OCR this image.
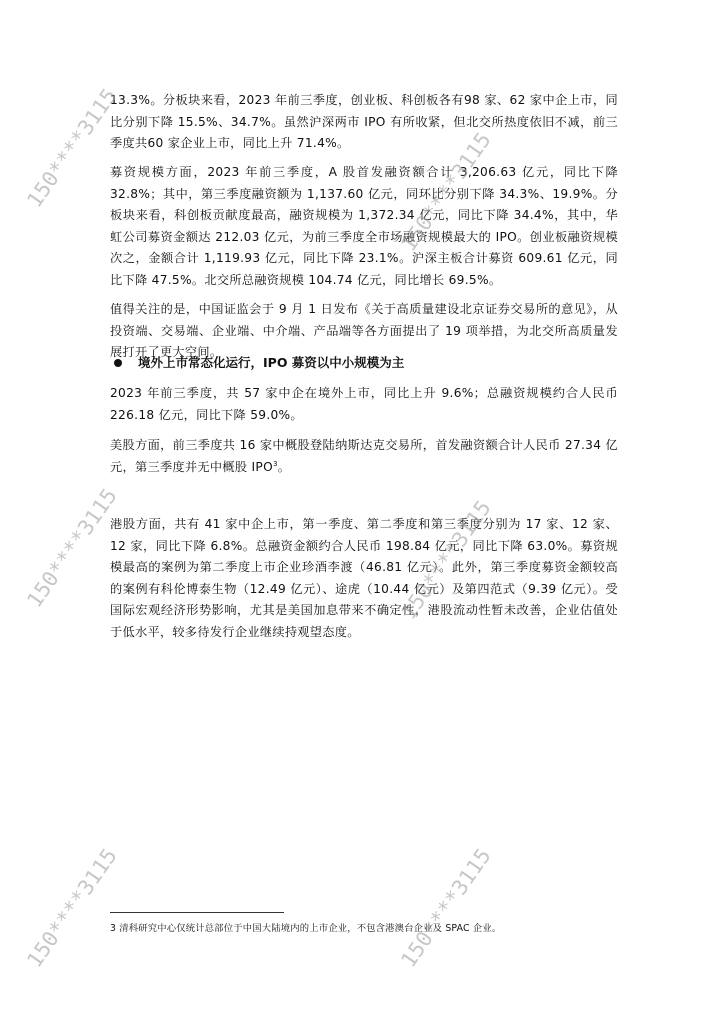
13.3%。分板块来看，2023 年前三季度，创业板、科创板各有98 家、62 家中企上市，同比分别下降 15.5%、34.7%。虽然沪深两市 IPO 有所收紧，但北交所热度依旧不减，前三季度共60 家企业上市，同比上升 71.4%。

募资规模方面，2023 年前三季度，A 股首发融资额合计 3,206.63 亿元，同比下降 32.8%；其中，第三季度融资额为 1,137.60 亿元，同环比分别下降 34.3%、19.9%。分板块来看，科创板贡献度最高，融资规模为 1,372.34 亿元，同比下降 34.4%，其中，华虹公司募资金额达 212.03 亿元，为前三季度全市场融资规模最大的 IPO。创业板融资规模次之，金额合计 1,119.93 亿元，同比下降 23.1%。沪深主板合计募资 609.61 亿元，同比下降 47.5%。北交所总融资规模 104.74 亿元，同比增长 69.5%。

值得关注的是，中国证监会于 9 月 1 日发布《关于高质量建设北京证券交易所的意见》，从投资端、交易端、企业端、中介端、产品端等各方面提出了 19 项举措，为北交所高质量发展打开了更大空间。

境外上市常态化运行，IPO 募资以中小规模为主

2023 年前三季度，共 57 家中企在境外上市，同比上升 9.6%；总融资规模约合人民币 226.18 亿元，同比下降 59.0%。

美股方面，前三季度共 16 家中概股登陆纳斯达克交易所，首发融资额合计人民币 27.34 亿元，第三季度并无中概股 IPO$^3$。

港股方面，共有 41 家中企上市，第一季度、第二季度和第三季度分别为 17 家、12 家、12 家，同比下降 6.8%。总融资金额约合人民币 198.84 亿元，同比下降 63.0%。募资规模最高的案例为第二季度上市企业珍酒李渡（46.81 亿元）。此外，第三季度募资金额较高的案例有科伦博泰生物（12.49 亿元）、途虎（10.44 亿元）及第四范式（9.39 亿元）。受国际宏观经济形势影响，尤其是美国加息带来不确定性，港股流动性暂未改善，企业估值处于低水平，较多待发行企业继续持观望态度。

3 清科研究中心仅统计总部位于中国大陆境内的上市企业，不包含港澳台企业及 SPAC 企业。
150****3115	150****3115
150****3115	150****3115
150****3115	150****3115
